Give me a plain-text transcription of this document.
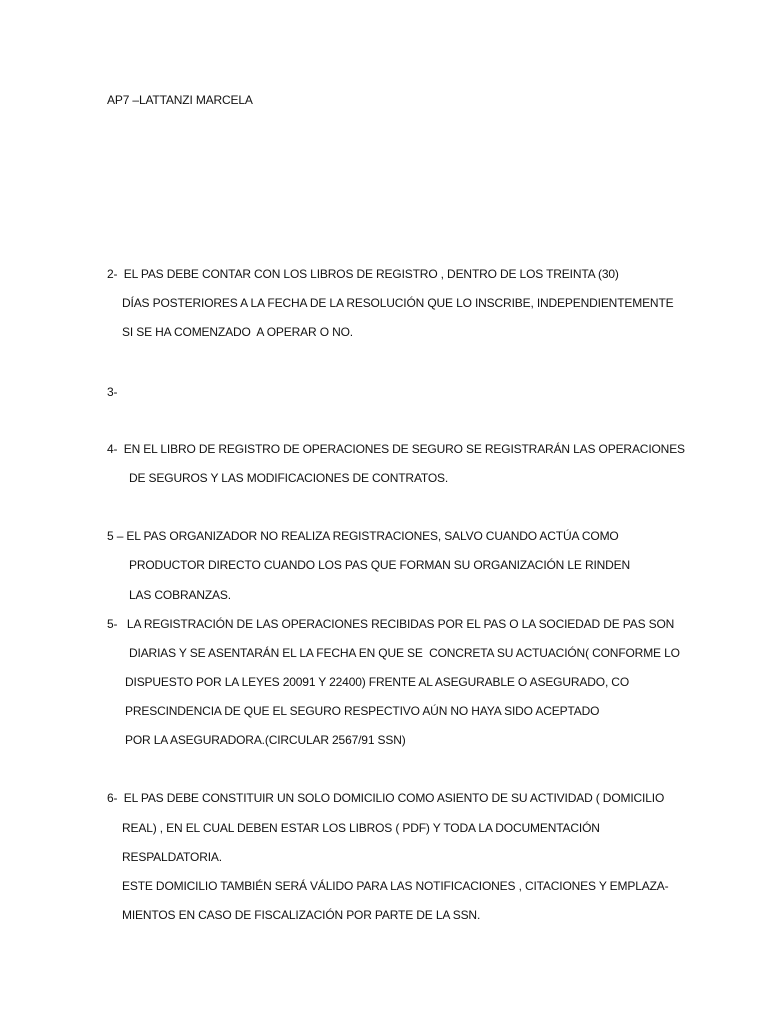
AP7 –LATTANZI MARCELA
2-  EL PAS DEBE CONTAR CON LOS LIBROS DE REGISTRO , DENTRO DE LOS TREINTA (30)
DÍAS POSTERIORES A LA FECHA DE LA RESOLUCIÓN QUE LO INSCRIBE, INDEPENDIENTEMENTE
SI SE HA COMENZADO  A OPERAR O NO.
3-
4-  EN EL LIBRO DE REGISTRO DE OPERACIONES DE SEGURO SE REGISTRARÁN LAS OPERACIONES
DE SEGUROS Y LAS MODIFICACIONES DE CONTRATOS.
5 – EL PAS ORGANIZADOR NO REALIZA REGISTRACIONES, SALVO CUANDO ACTÚA COMO
PRODUCTOR DIRECTO CUANDO LOS PAS QUE FORMAN SU ORGANIZACIÓN LE RINDEN
LAS COBRANZAS.
5-   LA REGISTRACIÓN DE LAS OPERACIONES RECIBIDAS POR EL PAS O LA SOCIEDAD DE PAS SON
DIARIAS Y SE ASENTARÁN EL LA FECHA EN QUE SE  CONCRETA SU ACTUACIÓN( CONFORME LO
DISPUESTO POR LA LEYES 20091 Y 22400) FRENTE AL ASEGURABLE O ASEGURADO, CO
PRESCINDENCIA DE QUE EL SEGURO RESPECTIVO AÚN NO HAYA SIDO ACEPTADO
POR LA ASEGURADORA.(CIRCULAR 2567/91 SSN)
6-  EL PAS DEBE CONSTITUIR UN SOLO DOMICILIO COMO ASIENTO DE SU ACTIVIDAD ( DOMICILIO
REAL) , EN EL CUAL DEBEN ESTAR LOS LIBROS ( PDF) Y TODA LA DOCUMENTACIÓN
RESPALDATORIA.
ESTE DOMICILIO TAMBIÉN SERÁ VÁLIDO PARA LAS NOTIFICACIONES , CITACIONES Y EMPLAZA-
MIENTOS EN CASO DE FISCALIZACIÓN POR PARTE DE LA SSN.
